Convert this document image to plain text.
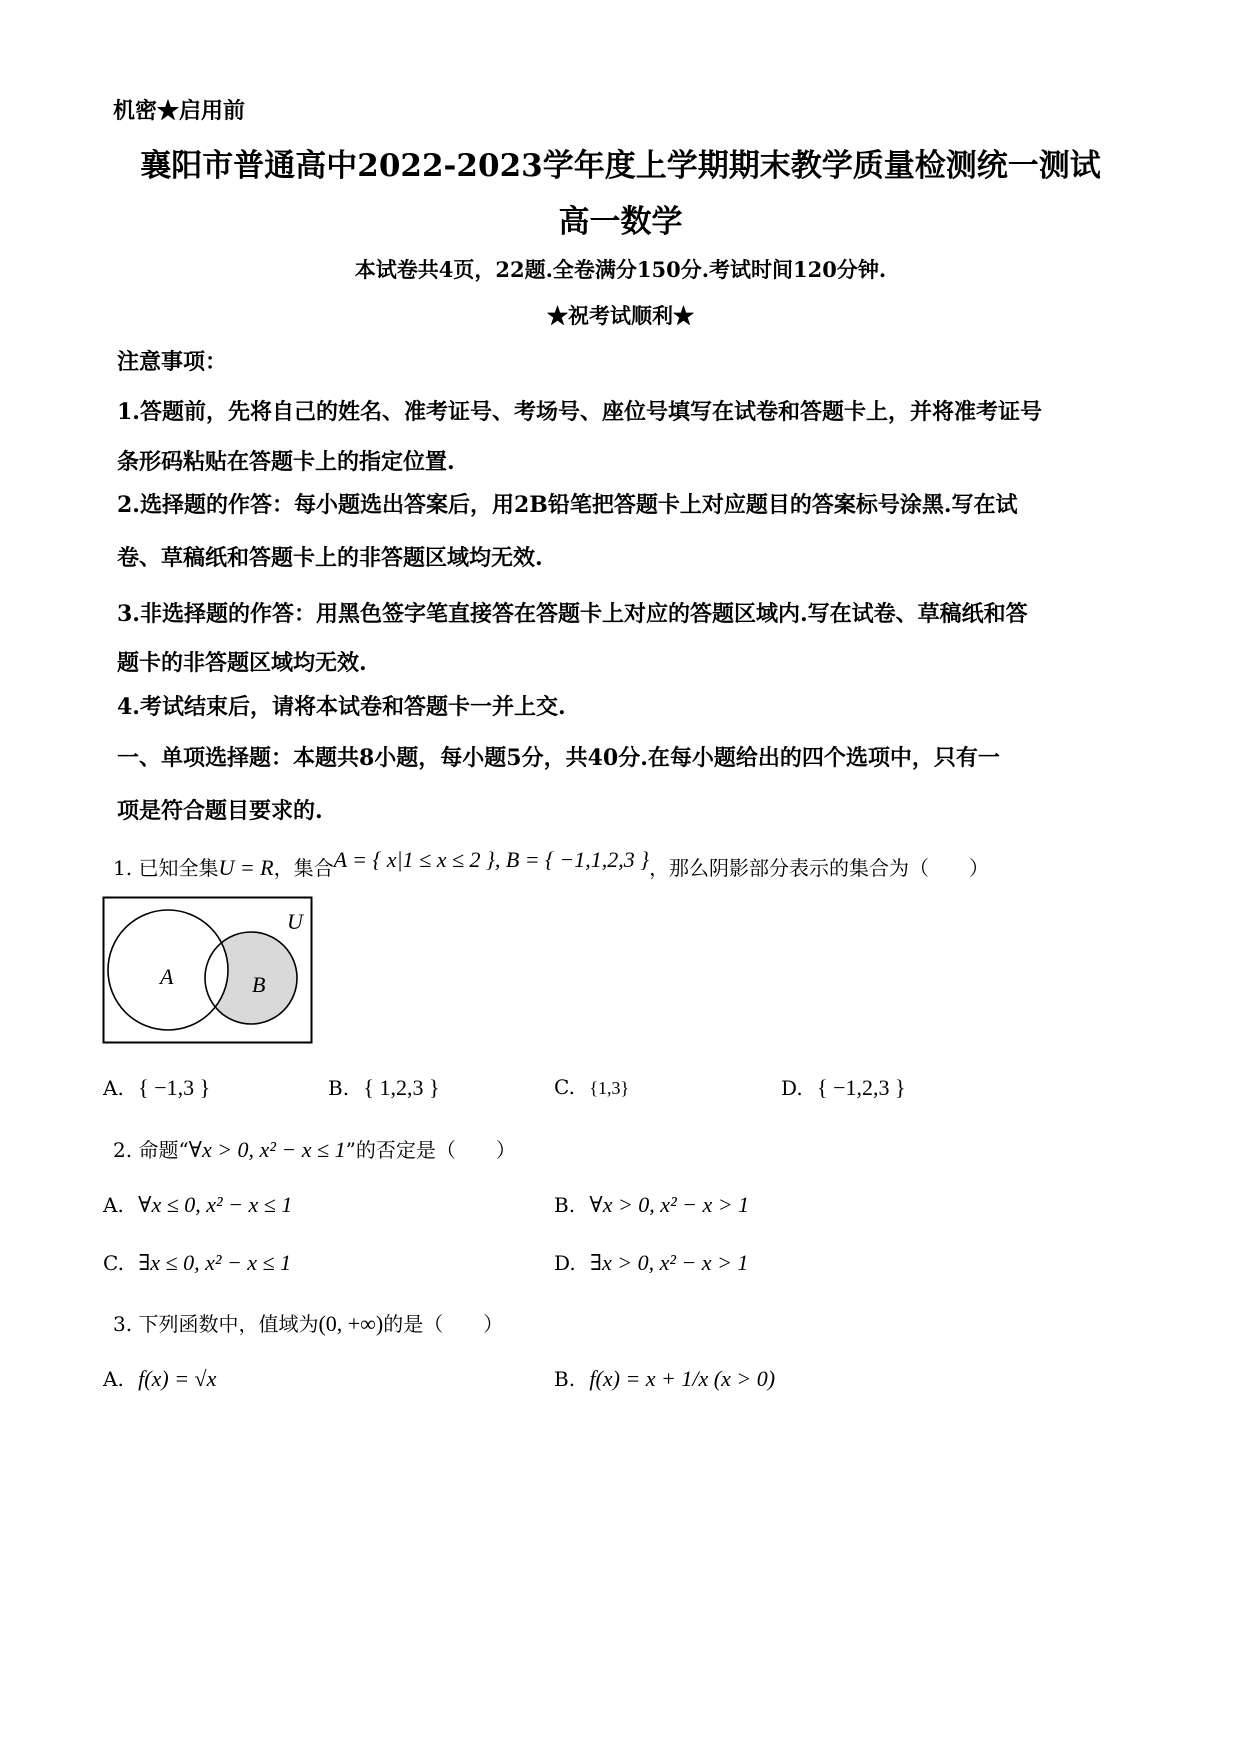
机密★启用前
襄阳市普通高中2022-2023学年度上学期期末教学质量检测统一测试
高一数学
本试卷共4页，22题.全卷满分150分.考试时间120分钟.
★祝考试顺利★
注意事项：
1.答题前，先将自己的姓名、准考证号、考场号、座位号填写在试卷和答题卡上，并将准考证号
条形码粘贴在答题卡上的指定位置.
2.选择题的作答：每小题选出答案后，用2B铅笔把答题卡上对应题目的答案标号涂黑.写在试
卷、草稿纸和答题卡上的非答题区域均无效.
3.非选择题的作答：用黑色签字笔直接答在答题卡上对应的答题区域内.写在试卷、草稿纸和答
题卡的非答题区域均无效.
4.考试结束后，请将本试卷和答题卡一并上交.
一、单项选择题：本题共8小题，每小题5分，共40分.在每小题给出的四个选项中，只有一
项是符合题目要求的.
1. 已知全集U = R，集合A = { x|1 ≤ x ≤ 2 }, B = { −1,1,2,3 }，那么阴影部分表示的集合为（　　）
U
A	B
A. { −1,3 }	B. { 1,2,3 }	C. {1,3}	D. { −1,2,3 }
2. 命题“∀x > 0, x² − x ≤ 1”的否定是（　　）
A. ∀x ≤ 0, x² − x ≤ 1	B. ∀x > 0, x² − x > 1
C. ∃x ≤ 0, x² − x ≤ 1	D. ∃x > 0, x² − x > 1
3. 下列函数中，值域为(0, +∞)的是（　　）
A. f(x) = √x	B. f(x) = x + 1/x (x > 0)
